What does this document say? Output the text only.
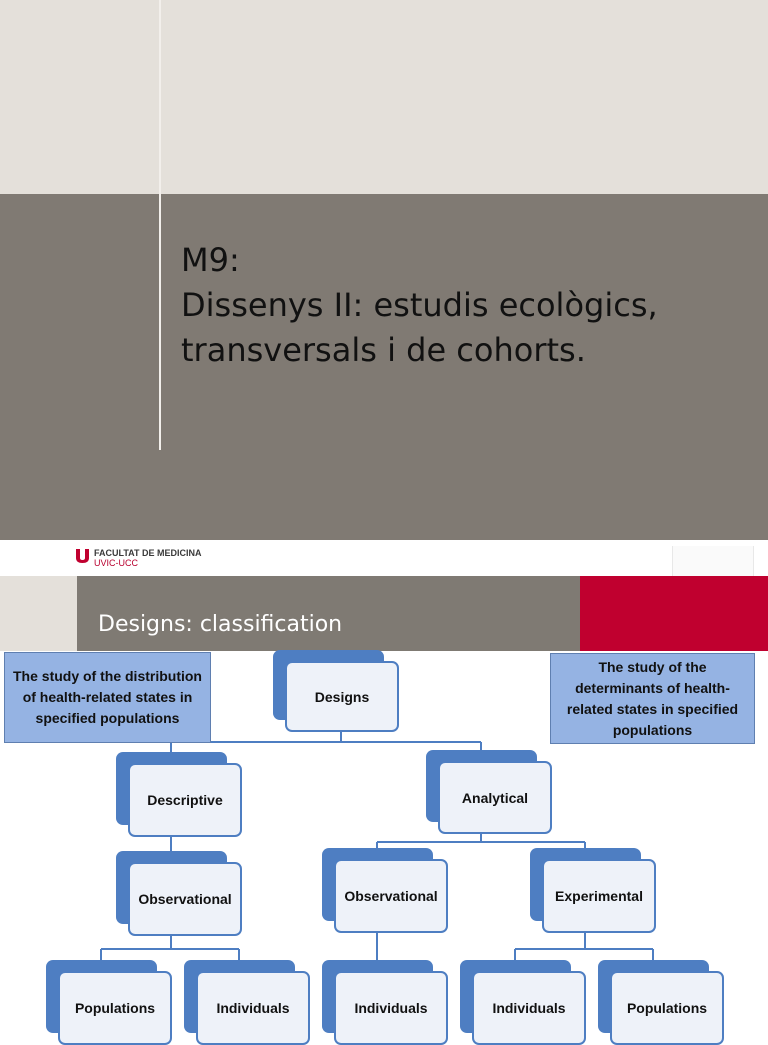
M9:
Dissenys II: estudis ecològics,
transversals i de cohorts.
FACULTAT DE MEDICINA
UVIC-UCC
Designs: classification
The study of the distribution of health-related states in specified populations
The study of the determinants of health-related states in specified populations
Designs
Descriptive	Analytical
Observational	Observational	Experimental
Populations	Individuals	Individuals	Individuals	Populations
